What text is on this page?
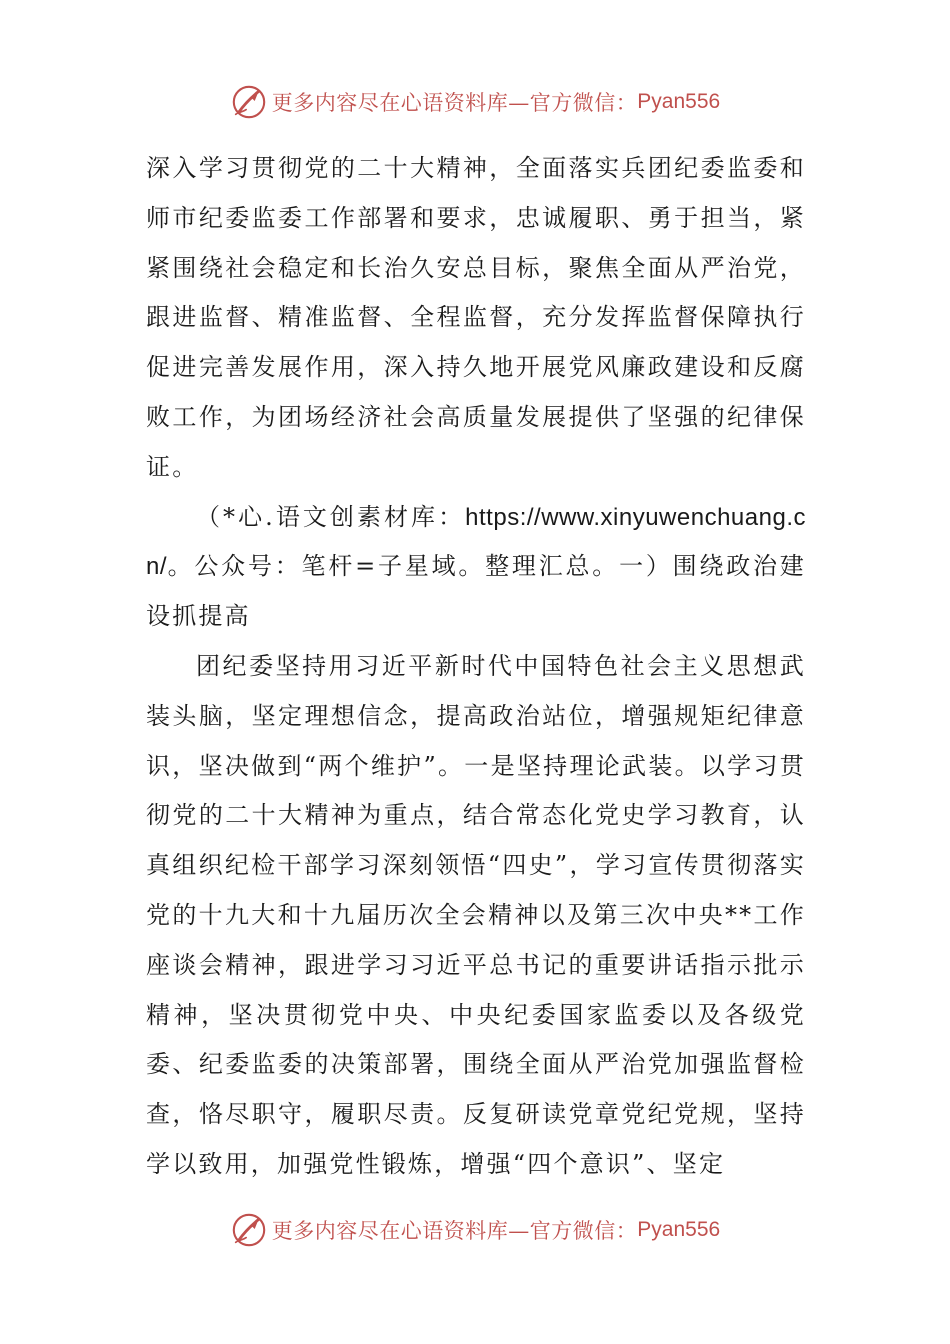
更多内容尽在心语资料库—官方微信： Pyan556

深入学习贯彻党的二十大精神，全面落实兵团纪委监委和师市纪委监委工作部署和要求，忠诚履职、勇于担当，紧紧围绕社会稳定和长治久安总目标，聚焦全面从严治党，跟进监督、精准监督、全程监督，充分发挥监督保障执行促进完善发展作用，深入持久地开展党风廉政建设和反腐败工作，为团场经济社会高质量发展提供了坚强的纪律保证。

（*心.语文创素材库：https://www.xinyuwenchuang.cn/。公众号：笔杆=子星域。整理汇总。一）围绕政治建设抓提高

团纪委坚持用习近平新时代中国特色社会主义思想武装头脑，坚定理想信念，提高政治站位，增强规矩纪律意识，坚决做到“两个维护”。一是坚持理论武装。以学习贯彻党的二十大精神为重点，结合常态化党史学习教育，认真组织纪检干部学习深刻领悟“四史”，学习宣传贯彻落实党的十九大和十九届历次全会精神以及第三次中央**工作座谈会精神，跟进学习习近平总书记的重要讲话指示批示精神，坚决贯彻党中央、中央纪委国家监委以及各级党委、纪委监委的决策部署，围绕全面从严治党加强监督检查，恪尽职守，履职尽责。反复研读党章党纪党规，坚持学以致用，加强党性锻炼，增强“四个意识”、坚定

更多内容尽在心语资料库—官方微信： Pyan556
